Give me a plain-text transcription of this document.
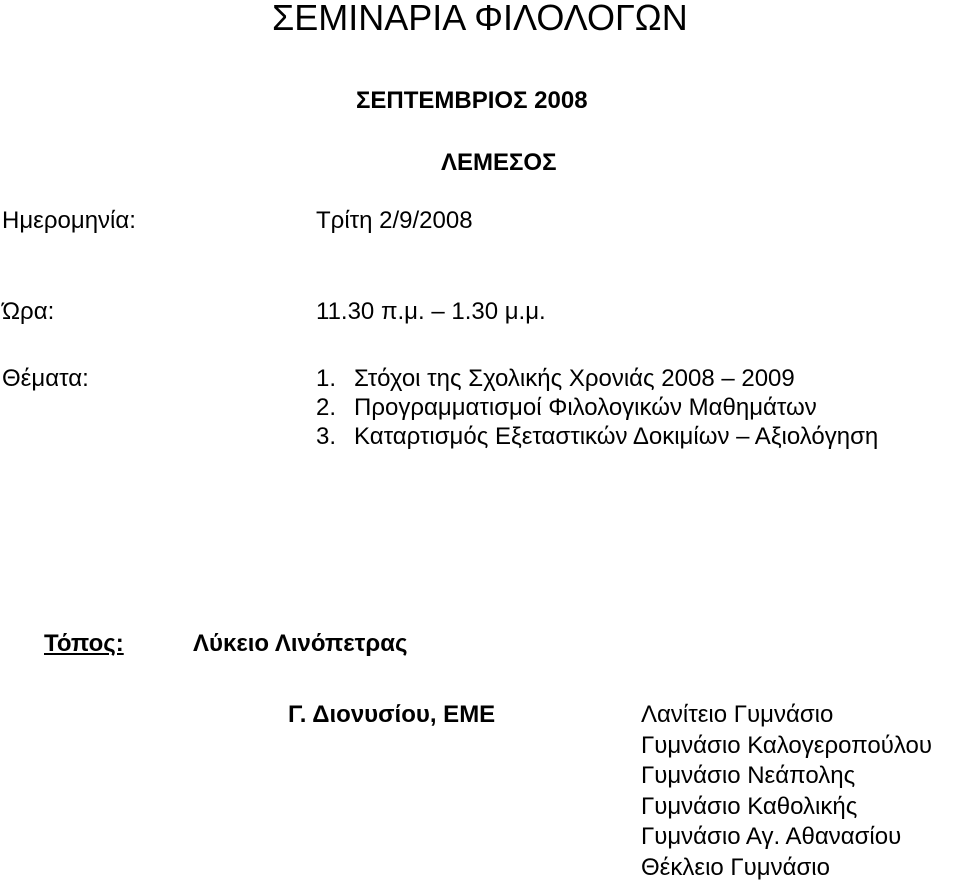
ΣΕΜΙΝΑΡΙΑ ΦΙΛΟΛΟΓΩΝ
ΣΕΠΤΕΜΒΡΙΟΣ 2008
ΛΕΜΕΣΟΣ
Ημερομηνία:	Τρίτη 2/9/2008
Ώρα:	11.30 π.μ. – 1.30 μ.μ.
Θέματα:	1. Στόχοι της Σχολικής Χρονιάς 2008 – 2009
2. Προγραμματισμοί Φιλολογικών Μαθημάτων
3. Καταρτισμός Εξεταστικών Δοκιμίων – Αξιολόγηση
Τόπος:	Λύκειο Λινόπετρας
Γ. Διονυσίου, ΕΜΕ	Λανίτειο Γυμνάσιο
Γυμνάσιο Καλογεροπούλου
Γυμνάσιο Νεάπολης
Γυμνάσιο Καθολικής
Γυμνάσιο Αγ. Αθανασίου
Θέκλειο Γυμνάσιο
